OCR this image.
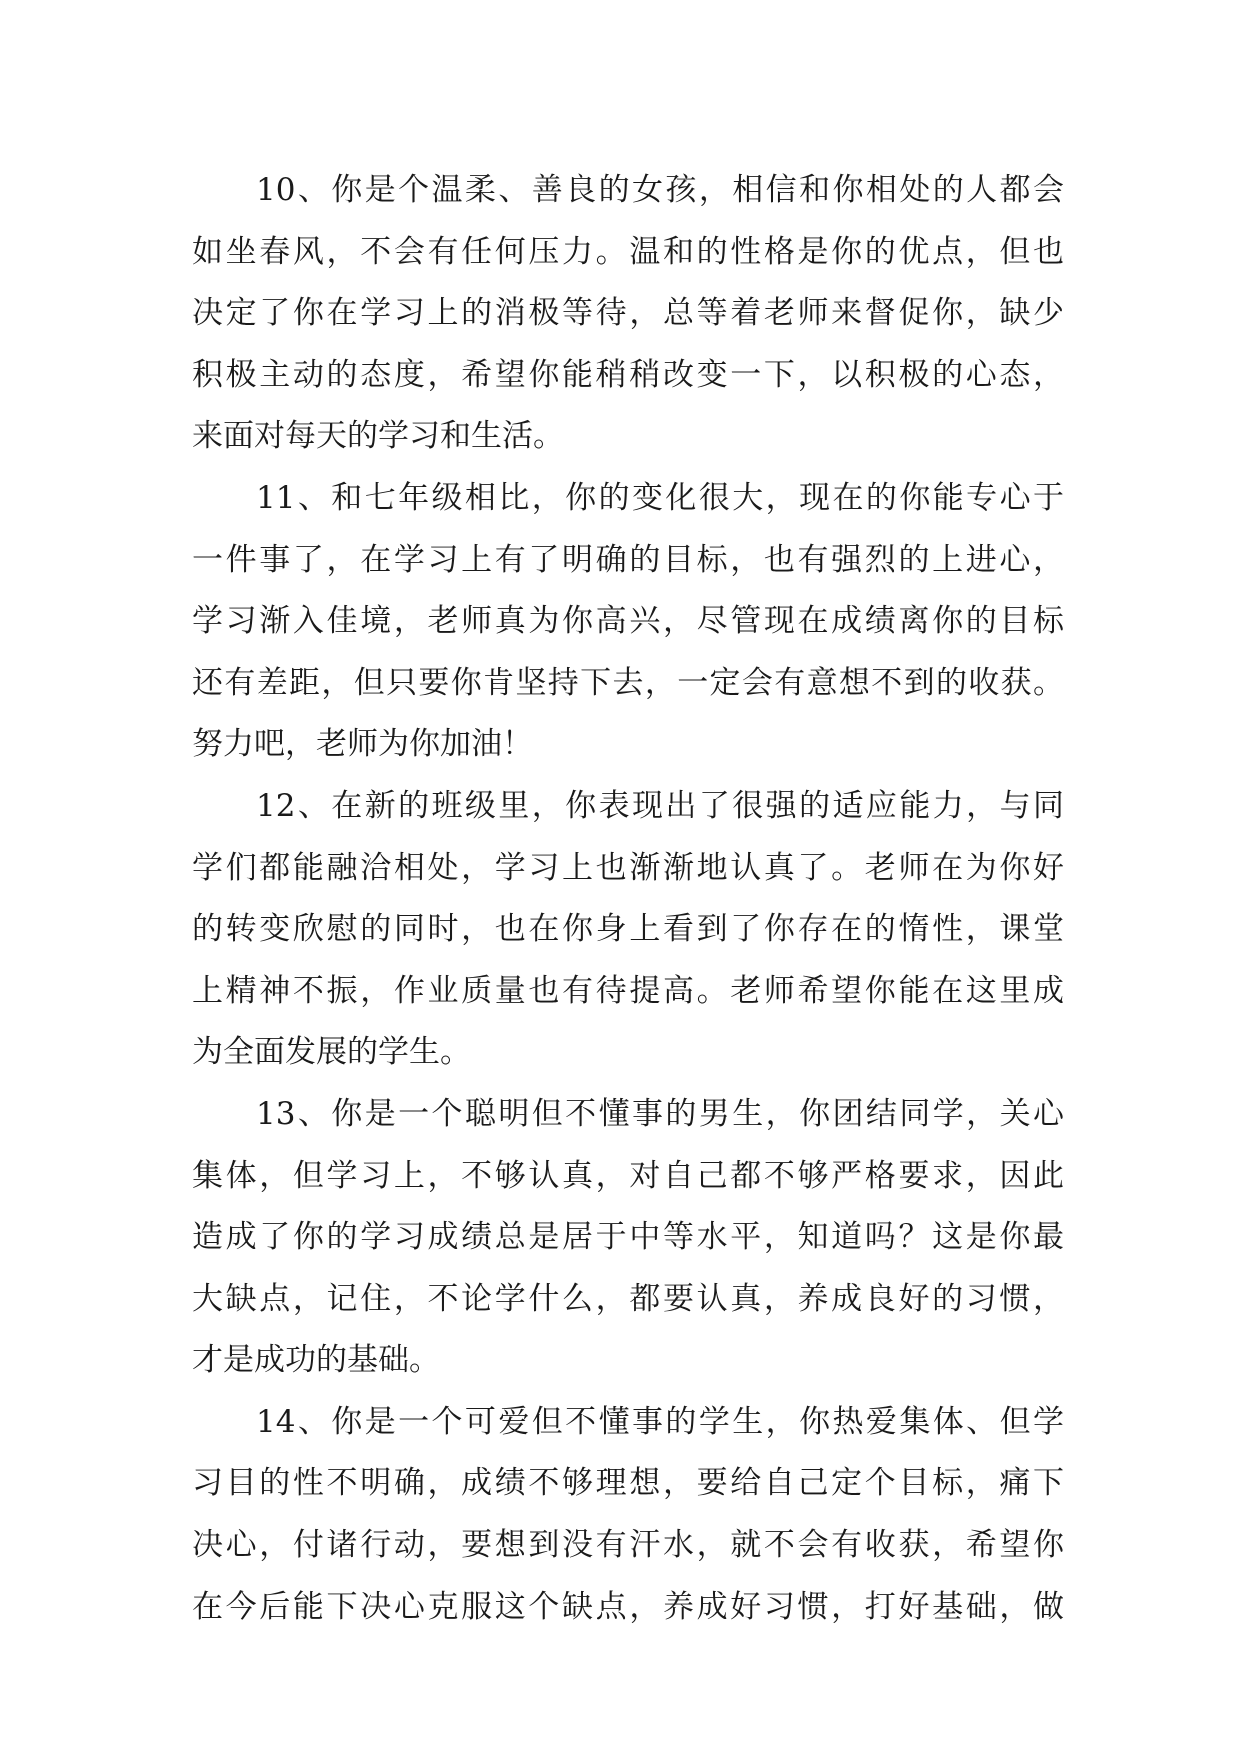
10、你是个温柔、善良的女孩，相信和你相处的人都会
如坐春风，不会有任何压力。温和的性格是你的优点，但也
决定了你在学习上的消极等待，总等着老师来督促你，缺少
积极主动的态度，希望你能稍稍改变一下，以积极的心态，
来面对每天的学习和生活。
11、和七年级相比，你的变化很大，现在的你能专心于
一件事了，在学习上有了明确的目标，也有强烈的上进心，
学习渐入佳境，老师真为你高兴，尽管现在成绩离你的目标
还有差距，但只要你肯坚持下去，一定会有意想不到的收获。
努力吧，老师为你加油！
12、在新的班级里，你表现出了很强的适应能力，与同
学们都能融洽相处，学习上也渐渐地认真了。老师在为你好
的转变欣慰的同时，也在你身上看到了你存在的惰性，课堂
上精神不振，作业质量也有待提高。老师希望你能在这里成
为全面发展的学生。
13、你是一个聪明但不懂事的男生，你团结同学，关心
集体，但学习上，不够认真，对自己都不够严格要求，因此
造成了你的学习成绩总是居于中等水平，知道吗？这是你最
大缺点，记住，不论学什么，都要认真，养成良好的习惯，
才是成功的基础。
14、你是一个可爱但不懂事的学生，你热爱集体、但学
习目的性不明确，成绩不够理想，要给自己定个目标，痛下
决心，付诸行动，要想到没有汗水，就不会有收获，希望你
在今后能下决心克服这个缺点，养成好习惯，打好基础，做
